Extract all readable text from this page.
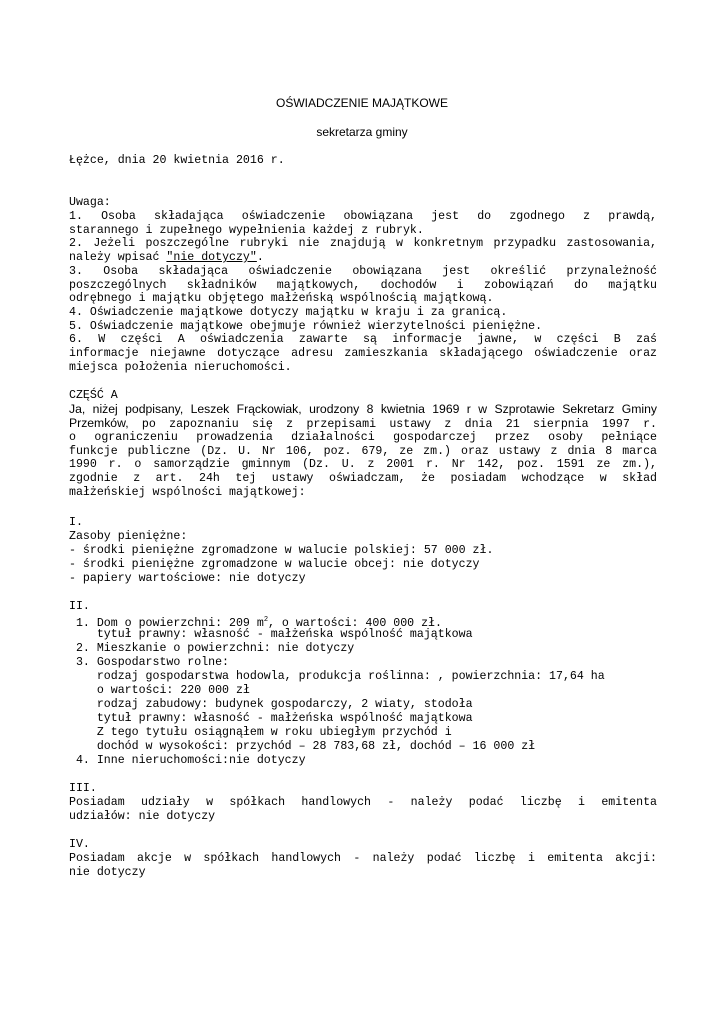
OŚWIADCZENIE MAJĄTKOWE
sekretarza gminy
Łężce, dnia 20 kwietnia 2016 r.
Uwaga:
1. Osoba składająca oświadczenie obowiązana jest do zgodnego z prawdą,
starannego i zupełnego wypełnienia każdej z rubryk.
2. Jeżeli poszczególne rubryki nie znajdują w konkretnym przypadku zastosowania,
należy wpisać "nie dotyczy".
3. Osoba składająca oświadczenie obowiązana jest określić przynależność
poszczególnych składników majątkowych, dochodów i zobowiązań do majątku
odrębnego i majątku objętego małżeńską wspólnością majątkową.
4. Oświadczenie majątkowe dotyczy majątku w kraju i za granicą.
5. Oświadczenie majątkowe obejmuje również wierzytelności pieniężne.
6. W części A oświadczenia zawarte są informacje jawne, w części B zaś
informacje niejawne dotyczące adresu zamieszkania składającego oświadczenie oraz
miejsca położenia nieruchomości.
CZĘŚĆ A
Ja, niżej podpisany, Leszek Frąckowiak, urodzony 8 kwietnia 1969 r w Szprotawie Sekretarz Gminy
Przemków, po zapoznaniu się z przepisami ustawy z dnia 21 sierpnia 1997 r.
o ograniczeniu prowadzenia działalności gospodarczej przez osoby pełniące
funkcje publiczne (Dz. U. Nr 106, poz. 679, ze zm.) oraz ustawy z dnia 8 marca
1990 r. o samorządzie gminnym (Dz. U. z 2001 r. Nr 142, poz. 1591 ze zm.),
zgodnie z art. 24h tej ustawy oświadczam, że posiadam wchodzące w skład
małżeńskiej wspólności majątkowej:
I.
Zasoby pieniężne:
- środki pieniężne zgromadzone w walucie polskiej: 57 000 zł.
- środki pieniężne zgromadzone w walucie obcej: nie dotyczy
- papiery wartościowe: nie dotyczy
II.
1. Dom o powierzchni: 209 $m^2$, o wartości: 400 000 zł.
tytuł prawny: własność - małżeńska wspólność majątkowa
2. Mieszkanie o powierzchni: nie dotyczy
3. Gospodarstwo rolne:
rodzaj gospodarstwa hodowla, produkcja roślinna: , powierzchnia: 17,64 ha
o wartości: 220 000 zł
rodzaj zabudowy: budynek gospodarczy, 2 wiaty, stodoła
tytuł prawny: własność - małżeńska wspólność majątkowa
Z tego tytułu osiągnąłem w roku ubiegłym przychód i
dochód w wysokości: przychód – 28 783,68 zł, dochód – 16 000 zł
4. Inne nieruchomości:nie dotyczy
III.
Posiadam udziały w spółkach handlowych - należy podać liczbę i emitenta
udziałów: nie dotyczy
IV.
Posiadam akcje w spółkach handlowych - należy podać liczbę i emitenta akcji:
nie dotyczy
